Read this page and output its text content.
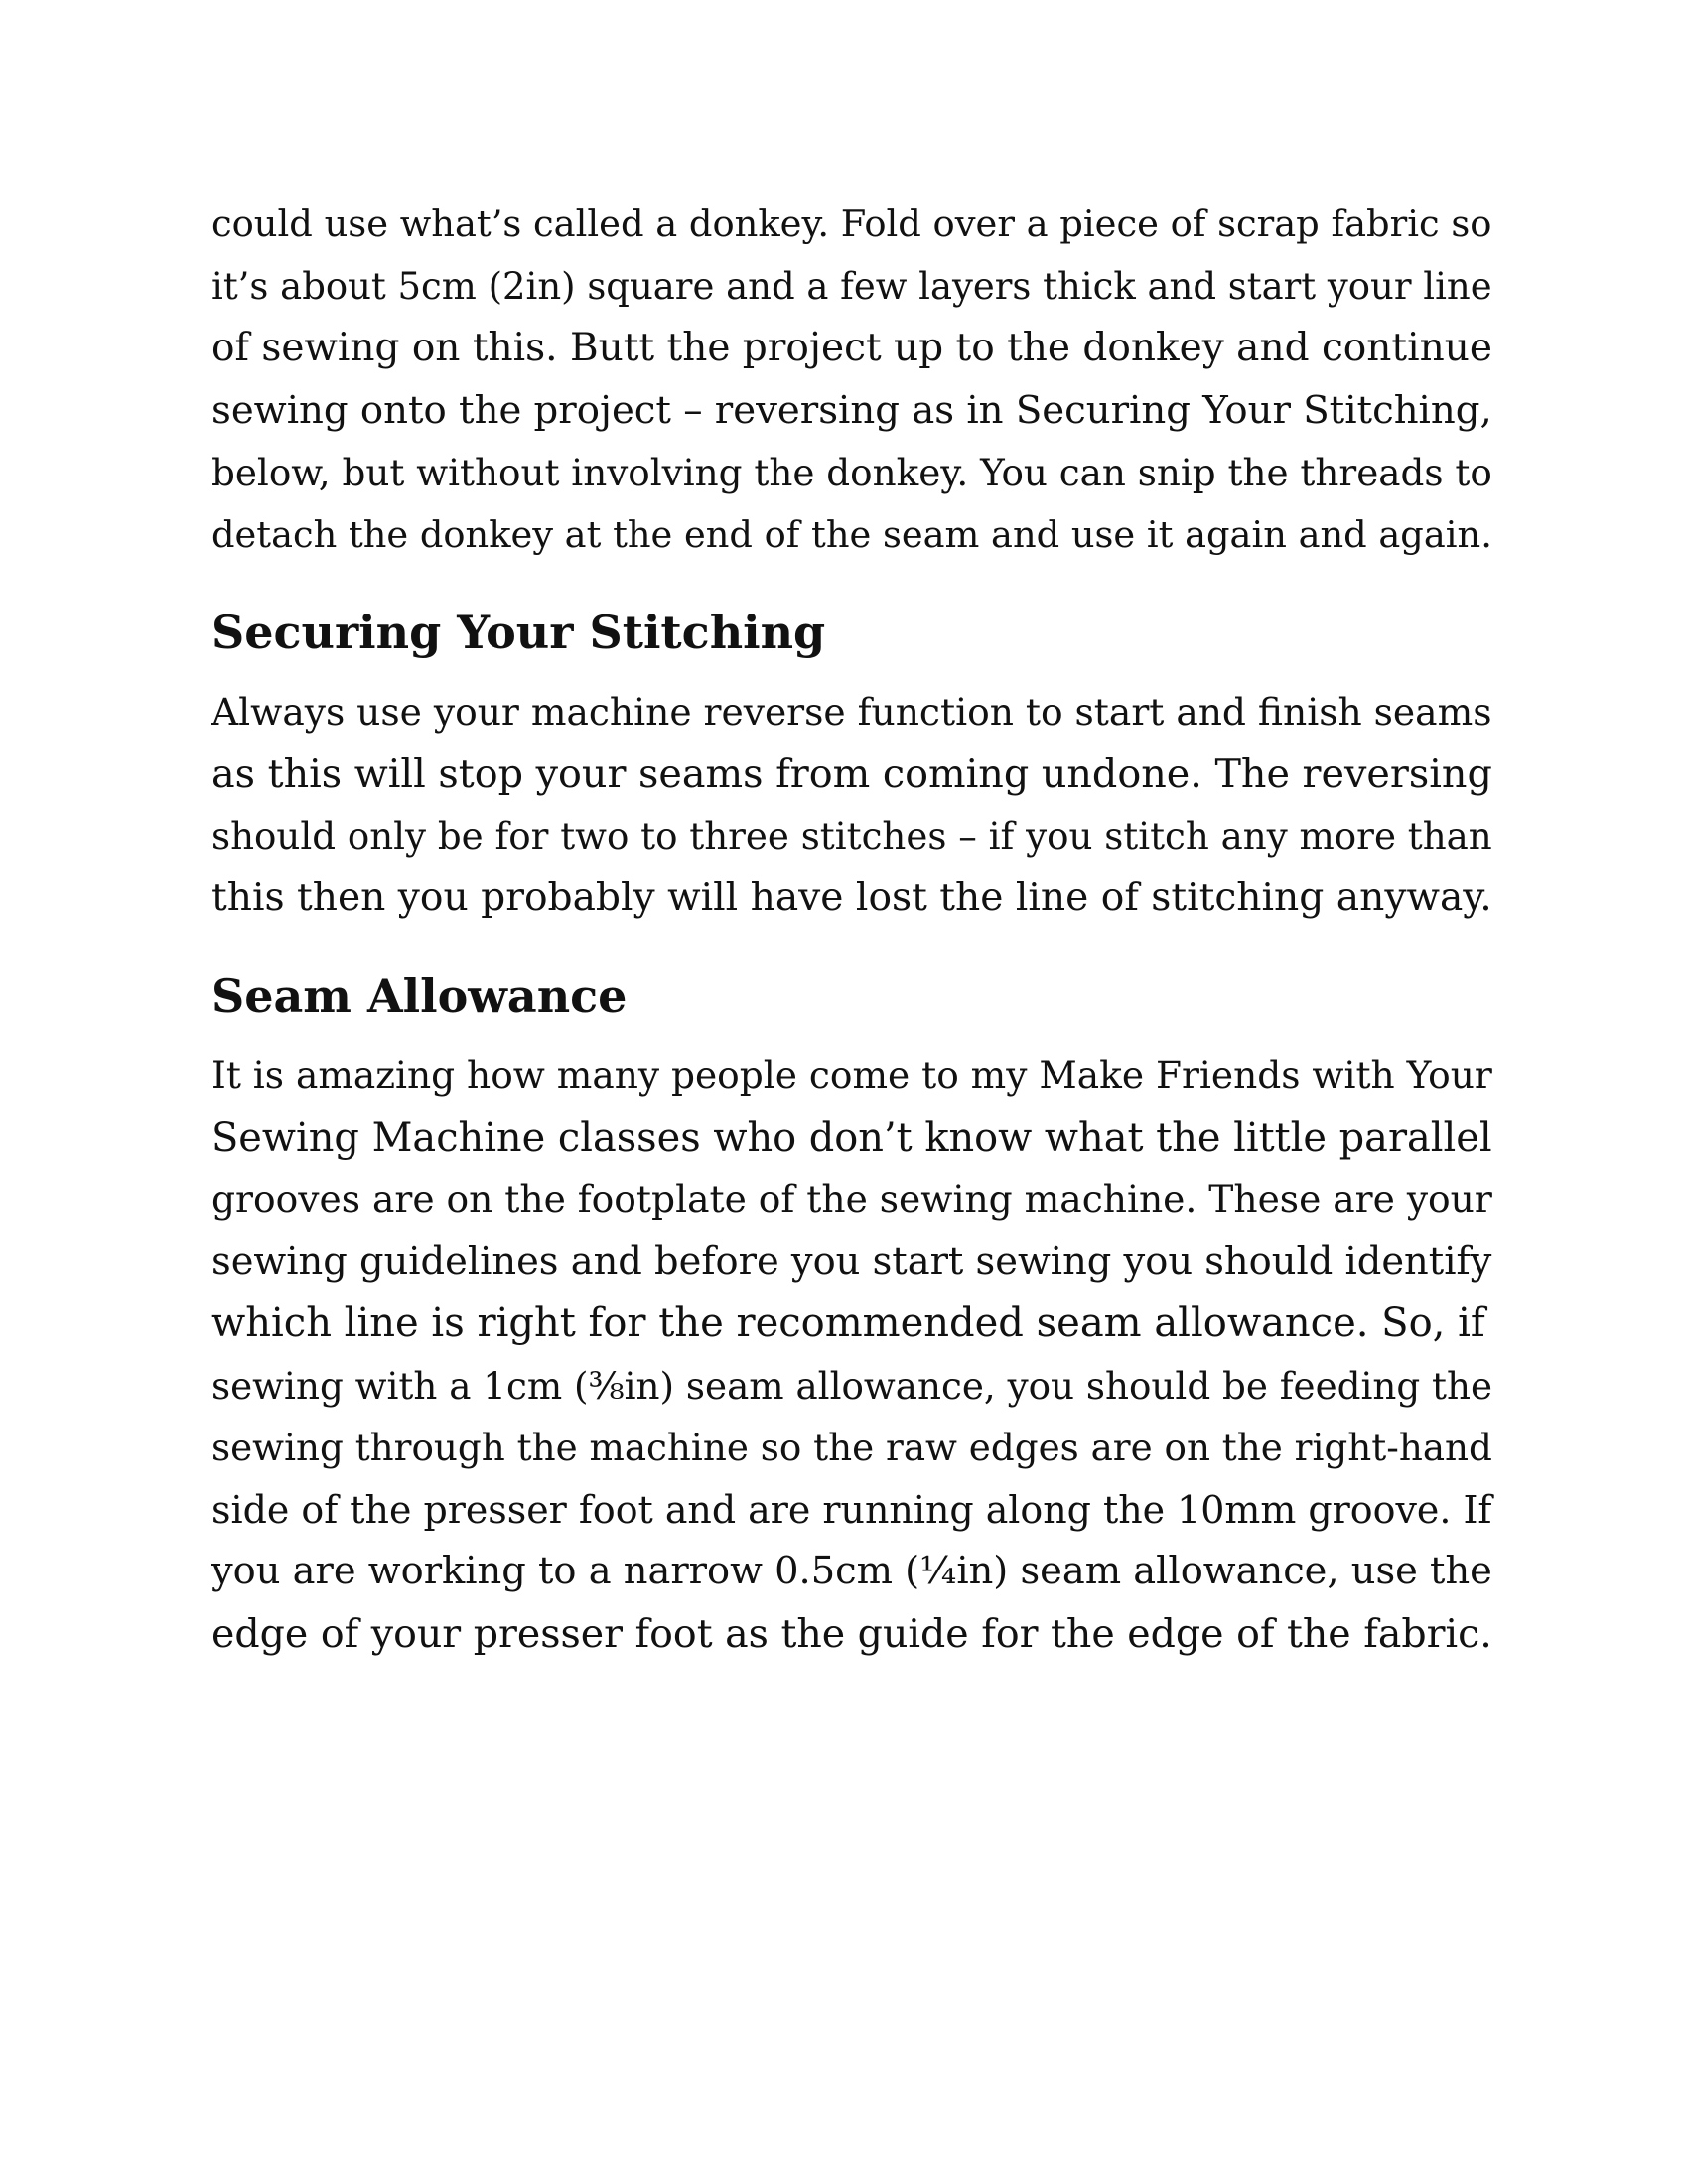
could use what’s called a donkey. Fold over a piece of scrap fabric so
it’s about 5cm (2in) square and a few layers thick and start your line
of sewing on this. Butt the project up to the donkey and continue
sewing onto the project – reversing as in Securing Your Stitching,
below, but without involving the donkey. You can snip the threads to
detach the donkey at the end of the seam and use it again and again.

Securing Your Stitching

Always use your machine reverse function to start and finish seams
as this will stop your seams from coming undone. The reversing
should only be for two to three stitches – if you stitch any more than
this then you probably will have lost the line of stitching anyway.

Seam Allowance

It is amazing how many people come to my Make Friends with Your
Sewing Machine classes who don’t know what the little parallel
grooves are on the footplate of the sewing machine. These are your
sewing guidelines and before you start sewing you should identify
which line is right for the recommended seam allowance. So, if
sewing with a 1cm (⅜in) seam allowance, you should be feeding the
sewing through the machine so the raw edges are on the right-hand
side of the presser foot and are running along the 10mm groove. If
you are working to a narrow 0.5cm (¼in) seam allowance, use the
edge of your presser foot as the guide for the edge of the fabric.
